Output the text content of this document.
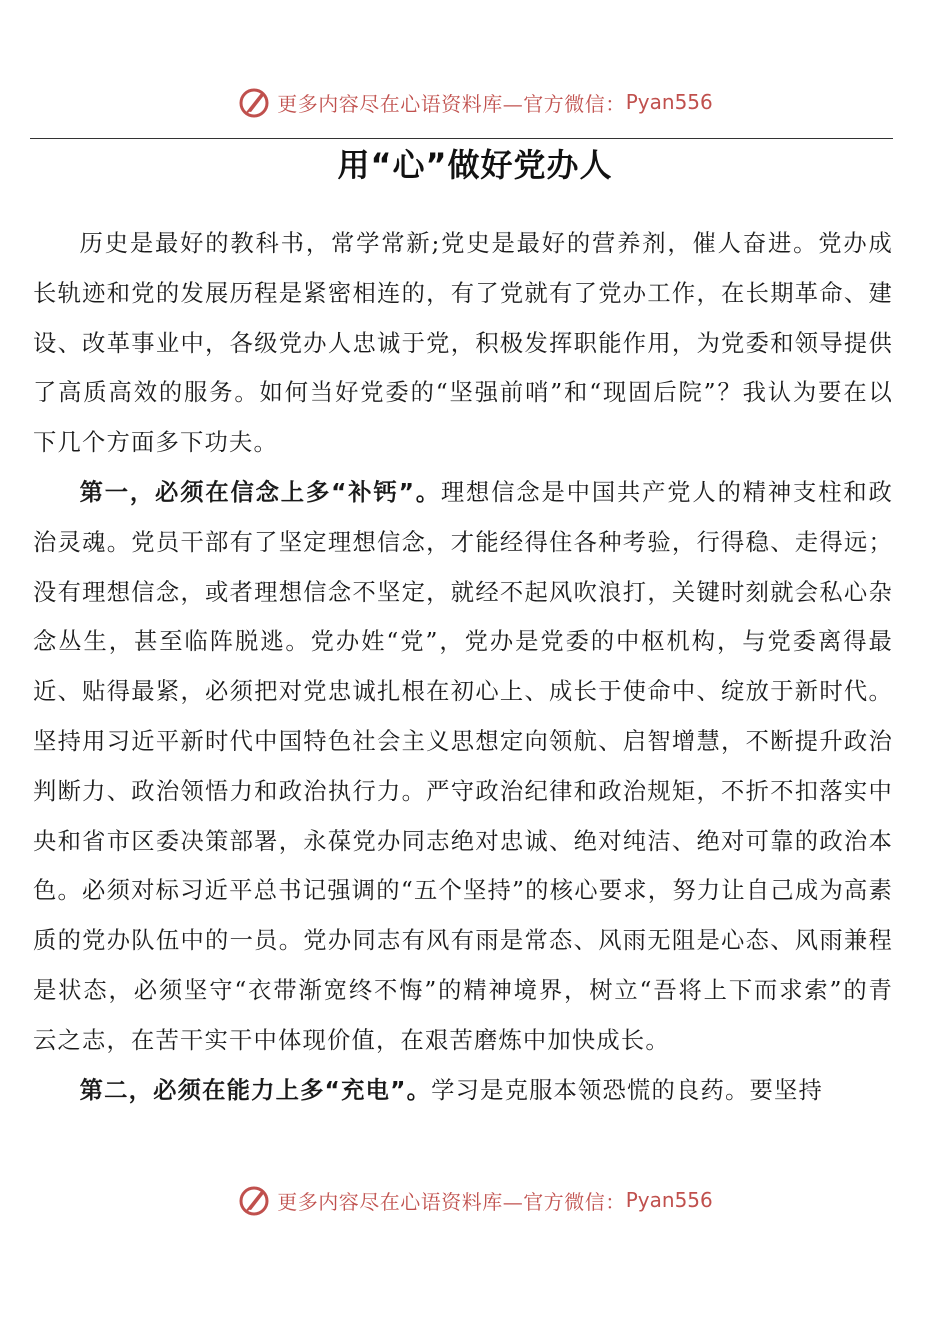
更多内容尽在心语资料库—官方微信： Pyan556
用“心”做好党办人

历史是最好的教科书，常学常新;党史是最好的营养剂，催人奋进。党办成长轨迹和党的发展历程是紧密相连的，有了党就有了党办工作，在长期革命、建设、改革事业中，各级党办人忠诚于党，积极发挥职能作用，为党委和领导提供了高质高效的服务。如何当好党委的“坚强前哨”和“现固后院”？我认为要在以下几个方面多下功夫。

第一，必须在信念上多“补钙”。理想信念是中国共产党人的精神支柱和政治灵魂。党员干部有了坚定理想信念，才能经得住各种考验，行得稳、走得远；没有理想信念，或者理想信念不坚定，就经不起风吹浪打，关键时刻就会私心杂念丛生，甚至临阵脱逃。党办姓“党”，党办是党委的中枢机构，与党委离得最近、贴得最紧，必须把对党忠诚扎根在初心上、成长于使命中、绽放于新时代。坚持用习近平新时代中国特色社会主义思想定向领航、启智增慧，不断提升政治判断力、政治领悟力和政治执行力。严守政治纪律和政治规矩，不折不扣落实中央和省市区委决策部署，永葆党办同志绝对忠诚、绝对纯洁、绝对可靠的政治本色。必须对标习近平总书记强调的“五个坚持”的核心要求，努力让自己成为高素质的党办队伍中的一员。党办同志有风有雨是常态、风雨无阻是心态、风雨兼程是状态，必须坚守“衣带渐宽终不悔”的精神境界，树立“吾将上下而求索”的青云之志，在苦干实干中体现价值，在艰苦磨炼中加快成长。

第二，必须在能力上多“充电”。学习是克服本领恐慌的良药。要坚持

更多内容尽在心语资料库—官方微信： Pyan556
